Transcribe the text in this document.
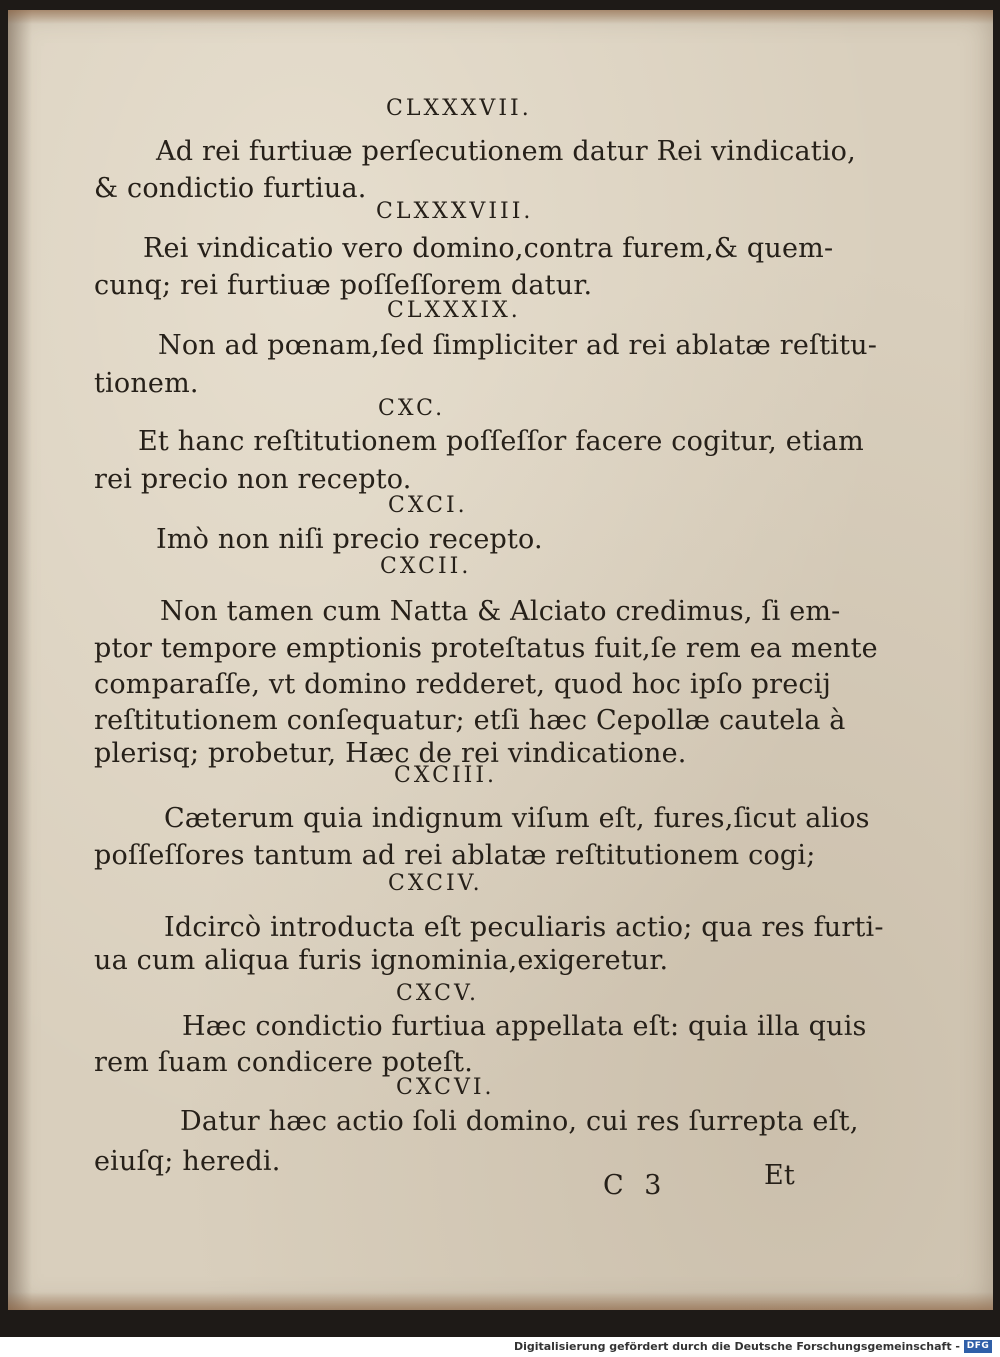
CLXXXVII.
Ad rei furtiuæ perſecutionem datur Rei vindicatio,
& condictio furtiua.
CLXXXVIII.
Rei vindicatio vero domino,contra furem,& quem-
cunq; rei furtiuæ poſſeſſorem datur.
CLXXXIX.
Non ad pœnam,ſed ſimpliciter ad rei ablatæ reſtitu-
tionem.
CXC.
Et hanc reſtitutionem poſſeſſor facere cogitur, etiam
rei precio non recepto.
CXCI.
Imò non niſi precio recepto.
CXCII.
Non tamen cum Natta & Alciato credimus, ſi em-
ptor tempore emptionis proteſtatus fuit,ſe rem ea mente
comparaſſe, vt domino redderet, quod hoc ipſo precij
reſtitutionem conſequatur; etſi hæc Cepollæ cautela à
plerisq; probetur, Hæc de rei vindicatione.
CXCIII.
Cæterum quia indignum viſum eſt, fures,ſicut alios
poſſeſſores tantum ad rei ablatæ reſtitutionem cogi;
CXCIV.
Idcircò introducta eſt peculiaris actio; qua res furti-
ua cum aliqua furis ignominia,exigeretur.
CXCV.
Hæc condictio furtiua appellata eſt: quia illa quis
rem ſuam condicere poteſt.
CXCVI.
Datur hæc actio ſoli domino, cui res ſurrepta eſt,
eiuſq; heredi.
C 3	Et
Digitalisierung gefördert durch die Deutsche Forschungsgemeinschaft - DFG
